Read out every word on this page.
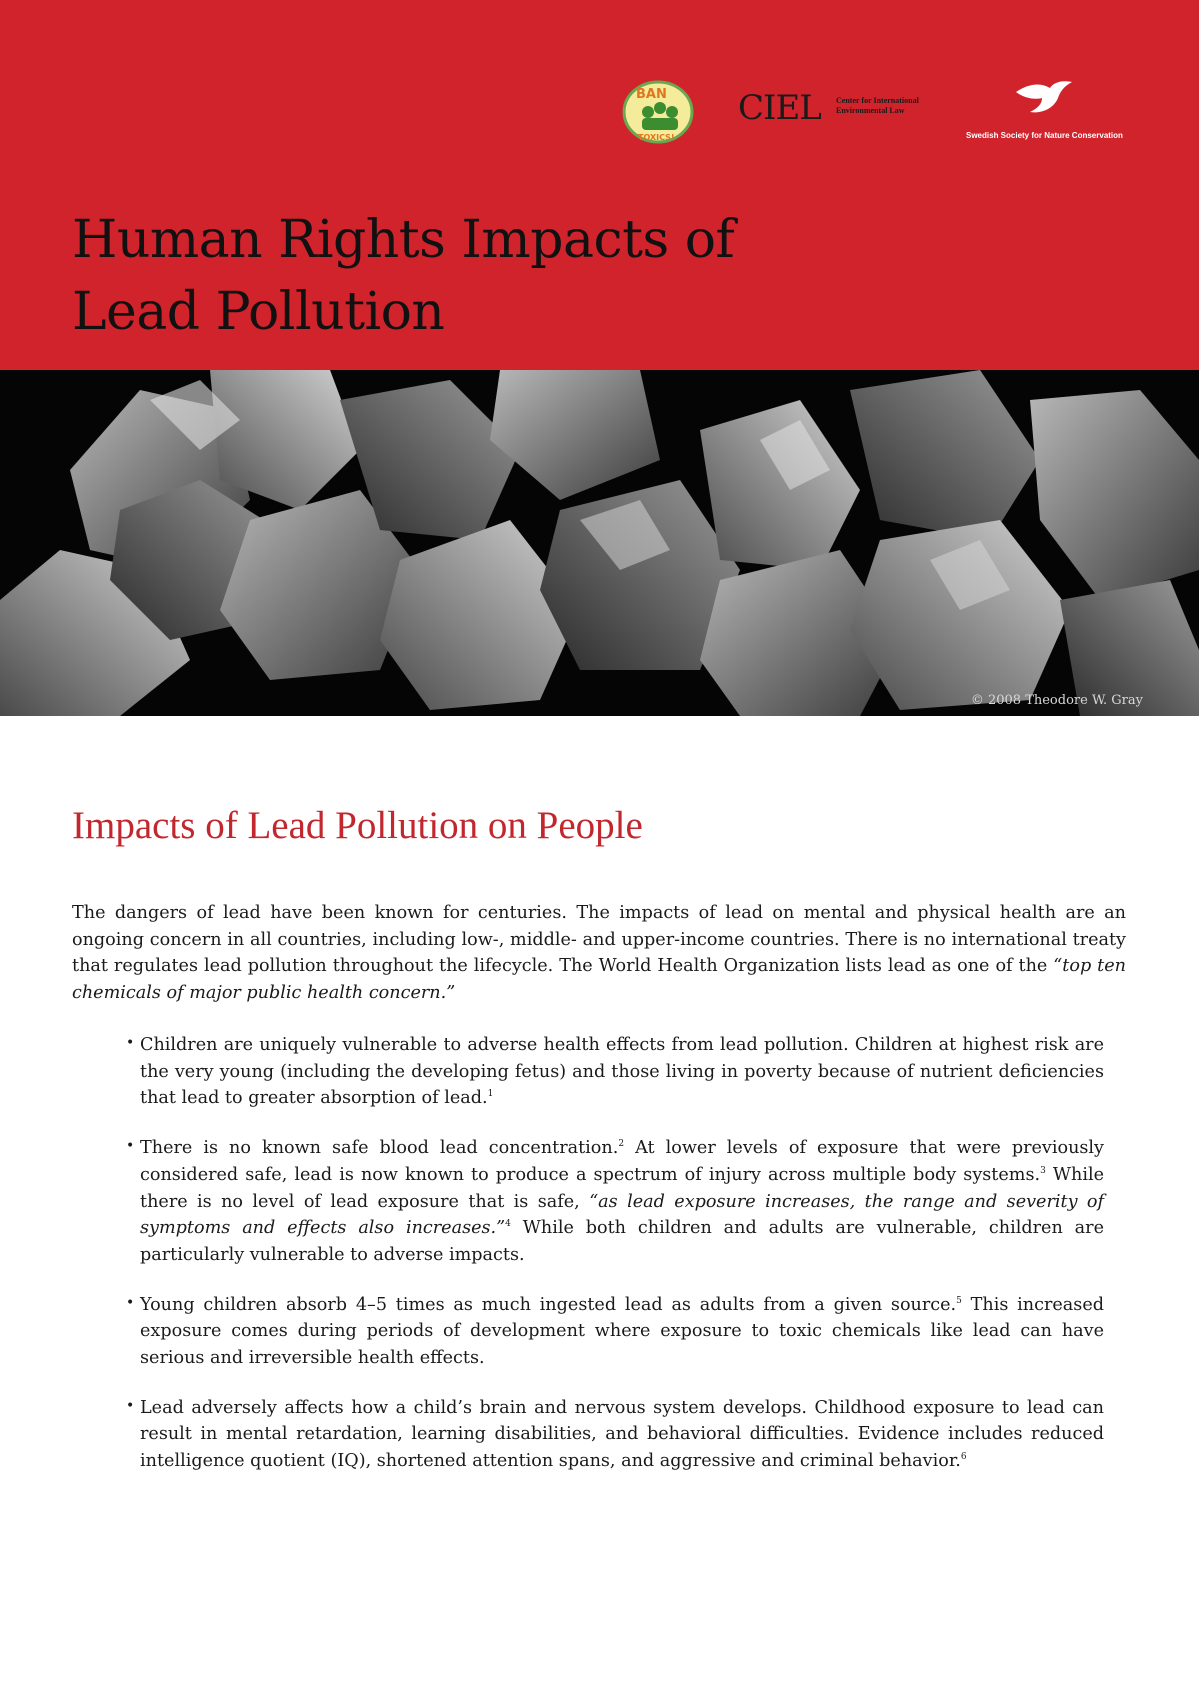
BAN
TOXICS!
CIEL Center for International
Environmental Law
Swedish Society for Nature Conservation
Human Rights Impacts of
Lead Pollution
© 2008 Theodore W. Gray
Impacts of Lead Pollution on People

The dangers of lead have been known for centuries. The impacts of lead on mental and physical health are an ongoing concern in all countries, including low-, middle- and upper-income countries. There is no international treaty that regulates lead pollution throughout the lifecycle. The World Health Organization lists lead as one of the “top ten chemicals of major public health concern.”

• Children are uniquely vulnerable to adverse health effects from lead pollution. Children at highest risk are the very young (including the developing fetus) and those living in poverty because of nutrient deficiencies that lead to greater absorption of lead.$^1$
• There is no known safe blood lead concentration.$^2$ At lower levels of exposure that were previously considered safe, lead is now known to produce a spectrum of injury across multiple body systems.$^3$ While there is no level of lead exposure that is safe, “as lead exposure increases, the range and severity of symptoms and effects also increases.”$^4$ While both children and adults are vulnerable, children are particularly vulnerable to adverse impacts.
• Young children absorb 4–5 times as much ingested lead as adults from a given source.$^5$ This increased exposure comes during periods of development where exposure to toxic chemicals like lead can have serious and irreversible health effects.
• Lead adversely affects how a child’s brain and nervous system develops. Childhood exposure to lead can result in mental retardation, learning disabilities, and behavioral difficulties. Evidence includes reduced intelligence quotient (IQ), shortened attention spans, and aggressive and criminal behavior.$^6$
